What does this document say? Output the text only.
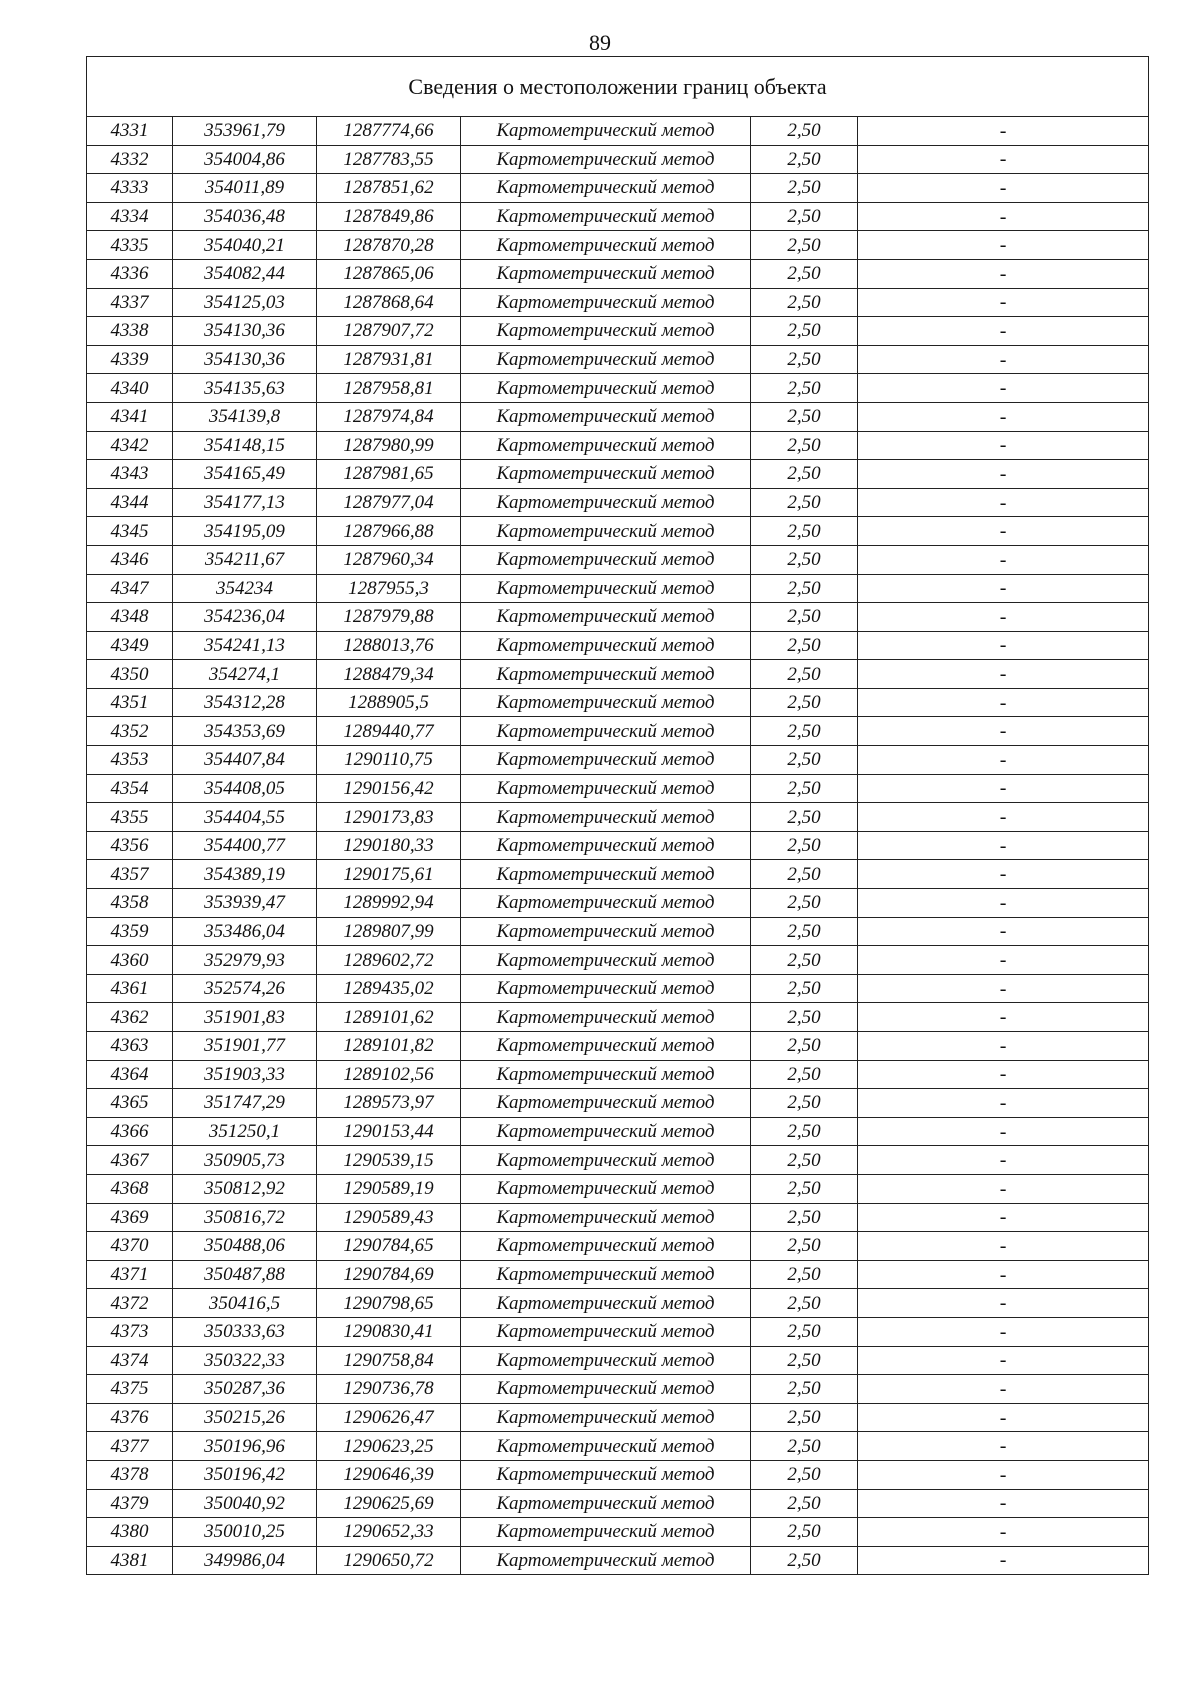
89
Сведения о местоположении границ объекта					
4331	353961,79	1287774,66	Картометрический метод	2,50	-
4332	354004,86	1287783,55	Картометрический метод	2,50	-
4333	354011,89	1287851,62	Картометрический метод	2,50	-
4334	354036,48	1287849,86	Картометрический метод	2,50	-
4335	354040,21	1287870,28	Картометрический метод	2,50	-
4336	354082,44	1287865,06	Картометрический метод	2,50	-
4337	354125,03	1287868,64	Картометрический метод	2,50	-
4338	354130,36	1287907,72	Картометрический метод	2,50	-
4339	354130,36	1287931,81	Картометрический метод	2,50	-
4340	354135,63	1287958,81	Картометрический метод	2,50	-
4341	354139,8	1287974,84	Картометрический метод	2,50	-
4342	354148,15	1287980,99	Картометрический метод	2,50	-
4343	354165,49	1287981,65	Картометрический метод	2,50	-
4344	354177,13	1287977,04	Картометрический метод	2,50	-
4345	354195,09	1287966,88	Картометрический метод	2,50	-
4346	354211,67	1287960,34	Картометрический метод	2,50	-
4347	354234	1287955,3	Картометрический метод	2,50	-
4348	354236,04	1287979,88	Картометрический метод	2,50	-
4349	354241,13	1288013,76	Картометрический метод	2,50	-
4350	354274,1	1288479,34	Картометрический метод	2,50	-
4351	354312,28	1288905,5	Картометрический метод	2,50	-
4352	354353,69	1289440,77	Картометрический метод	2,50	-
4353	354407,84	1290110,75	Картометрический метод	2,50	-
4354	354408,05	1290156,42	Картометрический метод	2,50	-
4355	354404,55	1290173,83	Картометрический метод	2,50	-
4356	354400,77	1290180,33	Картометрический метод	2,50	-
4357	354389,19	1290175,61	Картометрический метод	2,50	-
4358	353939,47	1289992,94	Картометрический метод	2,50	-
4359	353486,04	1289807,99	Картометрический метод	2,50	-
4360	352979,93	1289602,72	Картометрический метод	2,50	-
4361	352574,26	1289435,02	Картометрический метод	2,50	-
4362	351901,83	1289101,62	Картометрический метод	2,50	-
4363	351901,77	1289101,82	Картометрический метод	2,50	-
4364	351903,33	1289102,56	Картометрический метод	2,50	-
4365	351747,29	1289573,97	Картометрический метод	2,50	-
4366	351250,1	1290153,44	Картометрический метод	2,50	-
4367	350905,73	1290539,15	Картометрический метод	2,50	-
4368	350812,92	1290589,19	Картометрический метод	2,50	-
4369	350816,72	1290589,43	Картометрический метод	2,50	-
4370	350488,06	1290784,65	Картометрический метод	2,50	-
4371	350487,88	1290784,69	Картометрический метод	2,50	-
4372	350416,5	1290798,65	Картометрический метод	2,50	-
4373	350333,63	1290830,41	Картометрический метод	2,50	-
4374	350322,33	1290758,84	Картометрический метод	2,50	-
4375	350287,36	1290736,78	Картометрический метод	2,50	-
4376	350215,26	1290626,47	Картометрический метод	2,50	-
4377	350196,96	1290623,25	Картометрический метод	2,50	-
4378	350196,42	1290646,39	Картометрический метод	2,50	-
4379	350040,92	1290625,69	Картометрический метод	2,50	-
4380	350010,25	1290652,33	Картометрический метод	2,50	-
4381	349986,04	1290650,72	Картометрический метод	2,50	-
